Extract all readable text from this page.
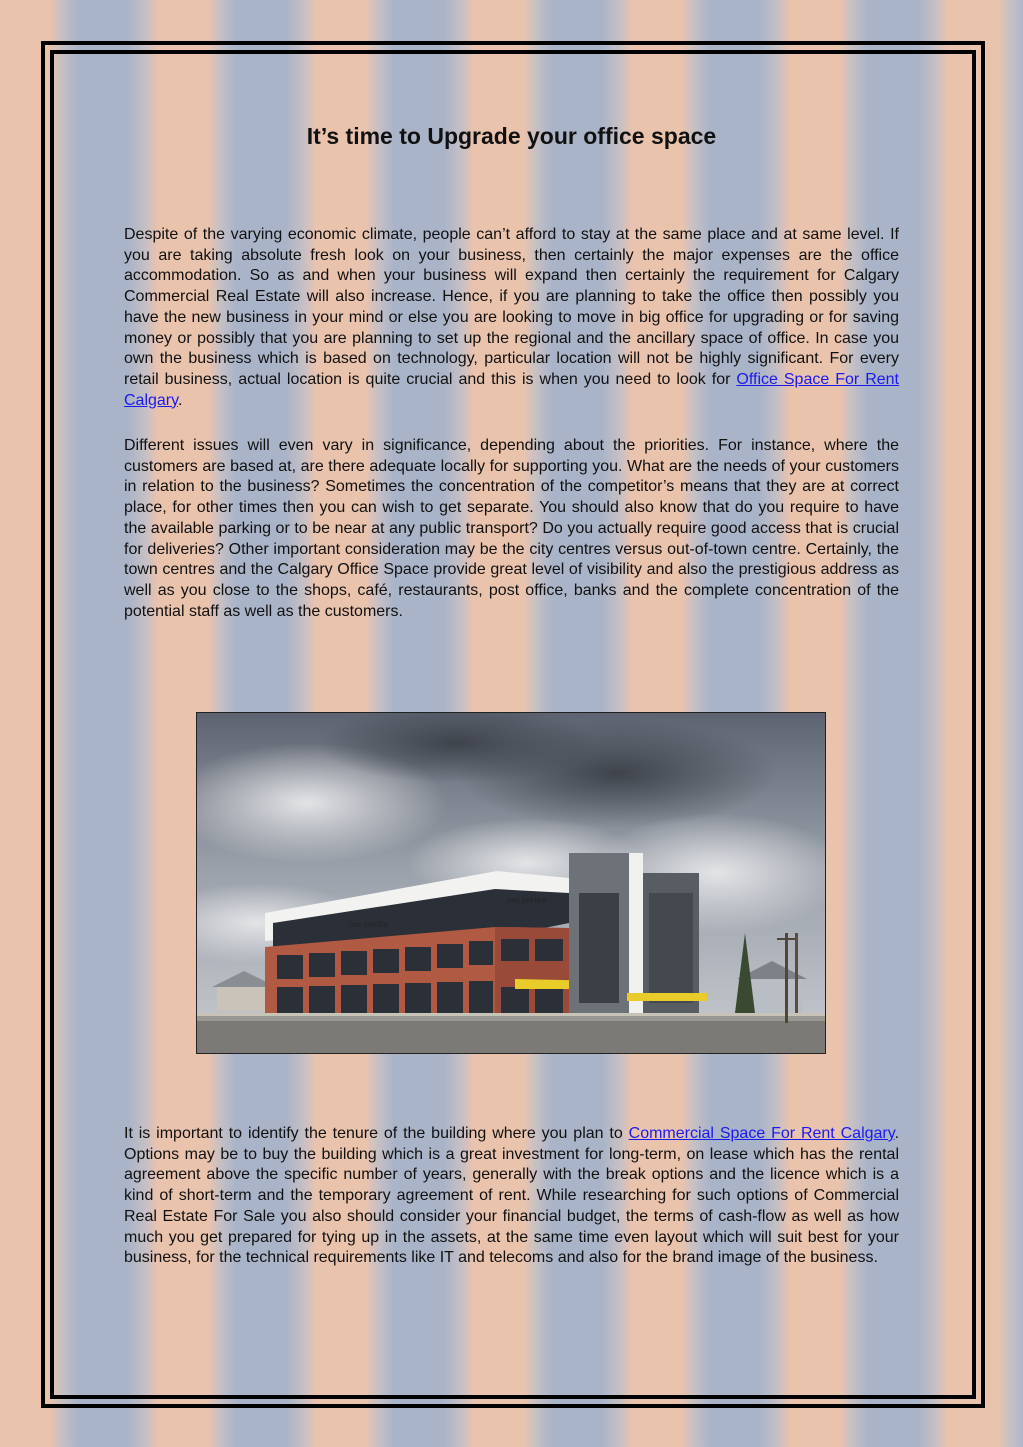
It’s time to Upgrade your office space

Despite of the varying economic climate, people can’t afford to stay at the same place and at same level. If you are taking absolute fresh look on your business, then certainly the major expenses are the office accommodation. So as and when your business will expand then certainly the requirement for Calgary Commercial Real Estate will also increase. Hence, if you are planning to take the office then possibly you have the new business in your mind or else you are looking to move in big office for upgrading or for saving money or possibly that you are planning to set up the regional and the ancillary space of office. In case you own the business which is based on technology, particular location will not be highly significant. For every retail business, actual location is quite crucial and this is when you need to look for Office Space For Rent Calgary.

Different issues will even vary in significance, depending about the priorities. For instance, where the customers are based at, are there adequate locally for supporting you. What are the needs of your customers in relation to the business? Sometimes the concentration of the competitor’s means that they are at correct place, for other times then you can wish to get separate. You should also know that do you require to have the available parking or to be near at any public transport? Do you actually require good access that is crucial for deliveries? Other important consideration may be the city centres versus out-of-town centre. Certainly, the town centres and the Calgary Office Space provide great level of visibility and also the prestigious address as well as you close to the shops, café, restaurants, post office, banks and the complete concentration of the potential staff as well as the customers.

ONE SYSTEM
ONE SYSTEM

It is important to identify the tenure of the building where you plan to Commercial Space For Rent Calgary. Options may be to buy the building which is a great investment for long-term, on lease which has the rental agreement above the specific number of years, generally with the break options and the licence which is a kind of short-term and the temporary agreement of rent. While researching for such options of Commercial Real Estate For Sale you also should consider your financial budget, the terms of cash-flow as well as how much you get prepared for tying up in the assets, at the same time even layout which will suit best for your business, for the technical requirements like IT and telecoms and also for the brand image of the business.
